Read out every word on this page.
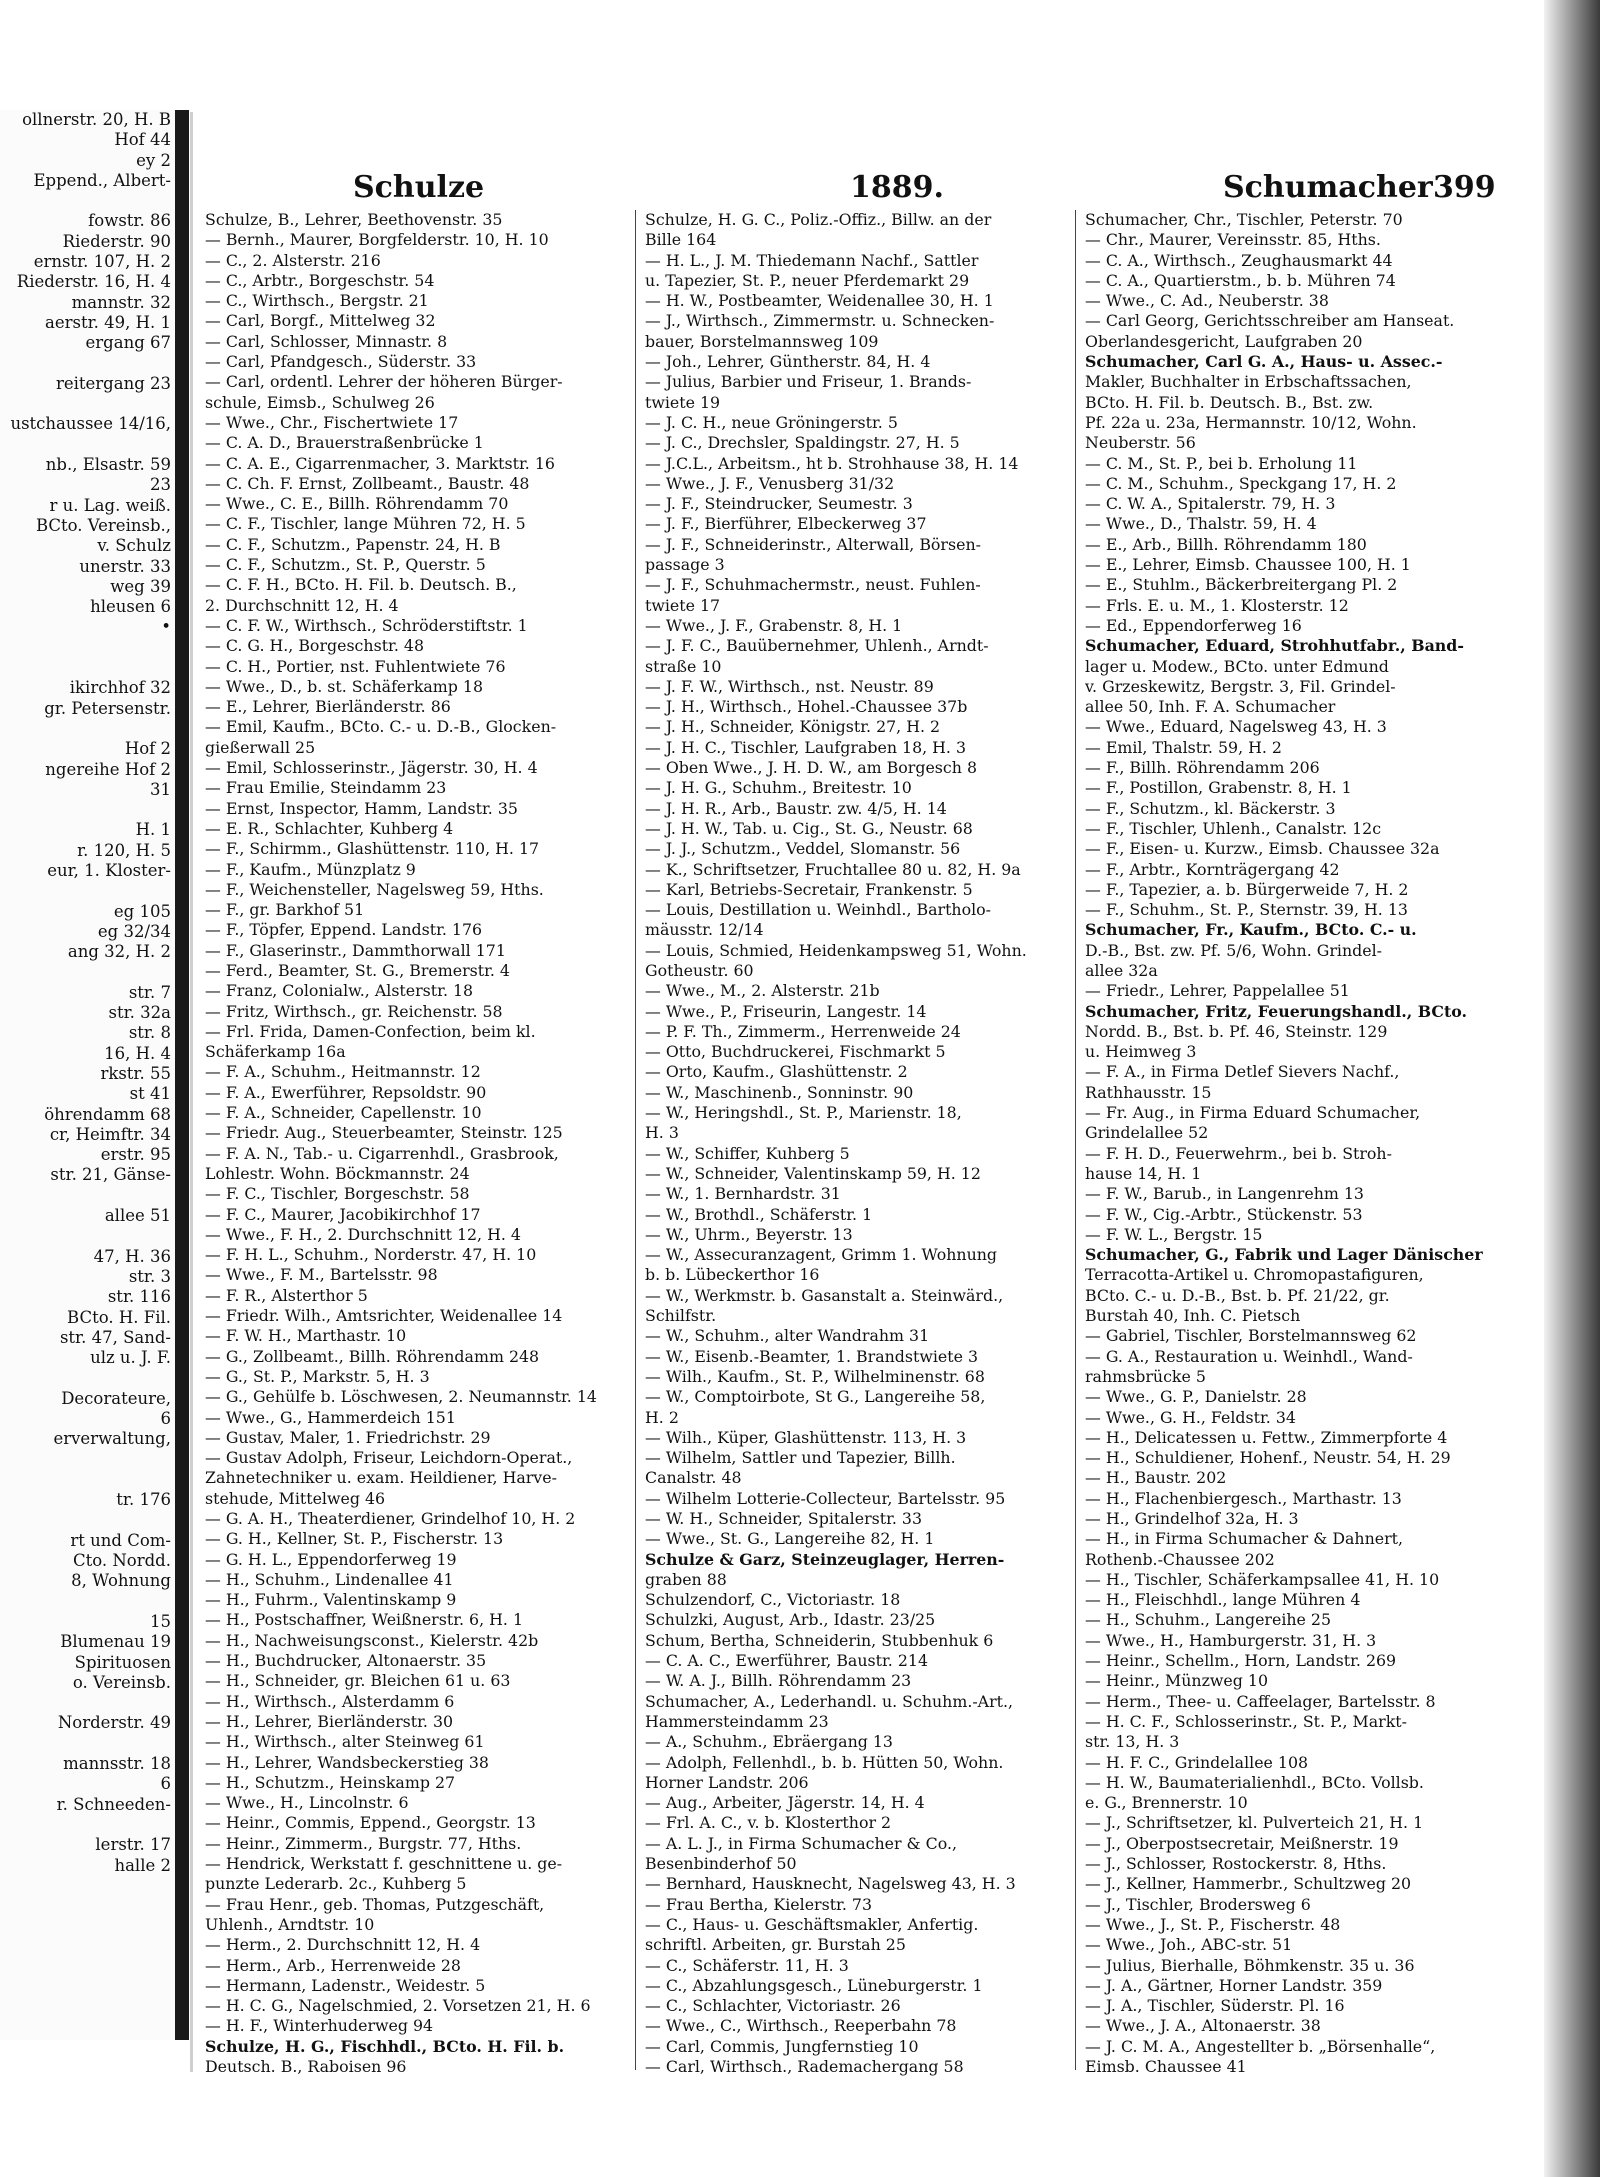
ollnerstr. 20, H. B
Hof 44
ey 2
Eppend., Albert-

fowstr. 86
Riederstr. 90
ernstr. 107, H. 2
Riederstr. 16, H. 4
mannstr. 32
aerstr. 49, H. 1
ergang 67

reitergang 23

ustchaussee 14/16,

nb., Elsastr. 59
23
r u. Lag. weiß.
BCto. Vereinsb.,
v. Schulz
unerstr. 33
weg 39
hleusen 6
•

ikirchhof 32
gr. Petersenstr.

Hof 2
ngereihe Hof 2
31

H. 1
r. 120, H. 5
eur, 1. Kloster-

eg 105
eg 32/34
ang 32, H. 2

str. 7
str. 32a
str. 8
16, H. 4
rkstr. 55
st 41
öhrendamm 68
cr, Heimftr. 34
erstr. 95
str. 21, Gänse-

allee 51

47, H. 36
str. 3
str. 116
BCto. H. Fil.
str. 47, Sand-
ulz u. J. F.

Decorateure,
6
erverwaltung,

tr. 176

rt und Com-
Cto. Nordd.
8, Wohnung

15
Blumenau 19
Spirituosen
o. Vereinsb.

Norderstr. 49

mannsstr. 18
6
r. Schneeden-

lerstr. 17
halle 2
Schulze	1889.	Schumacher 399
Schulze, B., Lehrer, Beethovenstr. 35
— Bernh., Maurer, Borgfelderstr. 10, H. 10
— C., 2. Alsterstr. 216
— C., Arbtr., Borgeschstr. 54
— C., Wirthsch., Bergstr. 21
— Carl, Borgf., Mittelweg 32
— Carl, Schlosser, Minnastr. 8
— Carl, Pfandgesch., Süderstr. 33
— Carl, ordentl. Lehrer der höheren Bürger-
schule, Eimsb., Schulweg 26
— Wwe., Chr., Fischertwiete 17
— C. A. D., Brauerstraßenbrücke 1
— C. A. E., Cigarrenmacher, 3. Marktstr. 16
— C. Ch. F. Ernst, Zollbeamt., Baustr. 48
— Wwe., C. E., Billh. Röhrendamm 70
— C. F., Tischler, lange Mühren 72, H. 5
— C. F., Schutzm., Papenstr. 24, H. B
— C. F., Schutzm., St. P., Querstr. 5
— C. F. H., BCto. H. Fil. b. Deutsch. B.,
2. Durchschnitt 12, H. 4
— C. F. W., Wirthsch., Schröderstiftstr. 1
— C. G. H., Borgeschstr. 48
— C. H., Portier, nst. Fuhlentwiete 76
— Wwe., D., b. st. Schäferkamp 18
— E., Lehrer, Bierländerstr. 86
— Emil, Kaufm., BCto. C.- u. D.-B., Glocken-
gießerwall 25
— Emil, Schlosserinstr., Jägerstr. 30, H. 4
— Frau Emilie, Steindamm 23
— Ernst, Inspector, Hamm, Landstr. 35
— E. R., Schlachter, Kuhberg 4
— F., Schirmm., Glashüttenstr. 110, H. 17
— F., Kaufm., Münzplatz 9
— F., Weichensteller, Nagelsweg 59, Hths.
— F., gr. Barkhof 51
— F., Töpfer, Eppend. Landstr. 176
— F., Glaserinstr., Dammthorwall 171
— Ferd., Beamter, St. G., Bremerstr. 4
— Franz, Colonialw., Alsterstr. 18
— Fritz, Wirthsch., gr. Reichenstr. 58
— Frl. Frida, Damen-Confection, beim kl.
Schäferkamp 16a
— F. A., Schuhm., Heitmannstr. 12
— F. A., Ewerführer, Repsoldstr. 90
— F. A., Schneider, Capellenstr. 10
— Friedr. Aug., Steuerbeamter, Steinstr. 125
— F. A. N., Tab.- u. Cigarrenhdl., Grasbrook,
Lohlestr. Wohn. Böckmannstr. 24
— F. C., Tischler, Borgeschstr. 58
— F. C., Maurer, Jacobikirchhof 17
— Wwe., F. H., 2. Durchschnitt 12, H. 4
— F. H. L., Schuhm., Norderstr. 47, H. 10
— Wwe., F. M., Bartelsstr. 98
— F. R., Alsterthor 5
— Friedr. Wilh., Amtsrichter, Weidenallee 14
— F. W. H., Marthastr. 10
— G., Zollbeamt., Billh. Röhrendamm 248
— G., St. P., Markstr. 5, H. 3
— G., Gehülfe b. Löschwesen, 2. Neumannstr. 14
— Wwe., G., Hammerdeich 151
— Gustav, Maler, 1. Friedrichstr. 29
— Gustav Adolph, Friseur, Leichdorn-Operat.,
Zahnetechniker u. exam. Heildiener, Harve-
stehude, Mittelweg 46
— G. A. H., Theaterdiener, Grindelhof 10, H. 2
— G. H., Kellner, St. P., Fischerstr. 13
— G. H. L., Eppendorferweg 19
— H., Schuhm., Lindenallee 41
— H., Fuhrm., Valentinskamp 9
— H., Postschaffner, Weißnerstr. 6, H. 1
— H., Nachweisungsconst., Kielerstr. 42b
— H., Buchdrucker, Altonaerstr. 35
— H., Schneider, gr. Bleichen 61 u. 63
— H., Wirthsch., Alsterdamm 6
— H., Lehrer, Bierländerstr. 30
— H., Wirthsch., alter Steinweg 61
— H., Lehrer, Wandsbeckerstieg 38
— H., Schutzm., Heinskamp 27
— Wwe., H., Lincolnstr. 6
— Heinr., Commis, Eppend., Georgstr. 13
— Heinr., Zimmerm., Burgstr. 77, Hths.
— Hendrick, Werkstatt f. geschnittene u. ge-
punzte Lederarb. 2c., Kuhberg 5
— Frau Henr., geb. Thomas, Putzgeschäft,
Uhlenh., Arndtstr. 10
— Herm., 2. Durchschnitt 12, H. 4
— Herm., Arb., Herrenweide 28
— Hermann, Ladenstr., Weidestr. 5
— H. C. G., Nagelschmied, 2. Vorsetzen 21, H. 6
— H. F., Winterhuderweg 94
Schulze, H. G., Fischhdl., BCto. H. Fil. b.
Deutsch. B., Raboisen 96
Schulze, H. G. C., Poliz.-Offiz., Billw. an der
Bille 164
— H. L., J. M. Thiedemann Nachf., Sattler
u. Tapezier, St. P., neuer Pferdemarkt 29
— H. W., Postbeamter, Weidenallee 30, H. 1
— J., Wirthsch., Zimmermstr. u. Schnecken-
bauer, Borstelmannsweg 109
— Joh., Lehrer, Güntherstr. 84, H. 4
— Julius, Barbier und Friseur, 1. Brands-
twiete 19
— J. C. H., neue Gröningerstr. 5
— J. C., Drechsler, Spaldingstr. 27, H. 5
— J.C.L., Arbeitsm., ht b. Strohhause 38, H. 14
— Wwe., J. F., Venusberg 31/32
— J. F., Steindrucker, Seumestr. 3
— J. F., Bierführer, Elbeckerweg 37
— J. F., Schneiderinstr., Alterwall, Börsen-
passage 3
— J. F., Schuhmachermstr., neust. Fuhlen-
twiete 17
— Wwe., J. F., Grabenstr. 8, H. 1
— J. F. C., Bauübernehmer, Uhlenh., Arndt-
straße 10
— J. F. W., Wirthsch., nst. Neustr. 89
— J. H., Wirthsch., Hohel.-Chaussee 37b
— J. H., Schneider, Königstr. 27, H. 2
— J. H. C., Tischler, Laufgraben 18, H. 3
— Oben Wwe., J. H. D. W., am Borgesch 8
— J. H. G., Schuhm., Breitestr. 10
— J. H. R., Arb., Baustr. zw. 4/5, H. 14
— J. H. W., Tab. u. Cig., St. G., Neustr. 68
— J. J., Schutzm., Veddel, Slomanstr. 56
— K., Schriftsetzer, Fruchtallee 80 u. 82, H. 9a
— Karl, Betriebs-Secretair, Frankenstr. 5
— Louis, Destillation u. Weinhdl., Bartholo-
mäusstr. 12/14
— Louis, Schmied, Heidenkampsweg 51, Wohn.
Gotheustr. 60
— Wwe., M., 2. Alsterstr. 21b
— Wwe., P., Friseurin, Langestr. 14
— P. F. Th., Zimmerm., Herrenweide 24
— Otto, Buchdruckerei, Fischmarkt 5
— Orto, Kaufm., Glashüttenstr. 2
— W., Maschinenb., Sonninstr. 90
— W., Heringshdl., St. P., Marienstr. 18,
H. 3
— W., Schiffer, Kuhberg 5
— W., Schneider, Valentinskamp 59, H. 12
— W., 1. Bernhardstr. 31
— W., Brothdl., Schäferstr. 1
— W., Uhrm., Beyerstr. 13
— W., Assecuranzagent, Grimm 1. Wohnung
b. b. Lübeckerthor 16
— W., Werkmstr. b. Gasanstalt a. Steinwärd.,
Schilfstr.
— W., Schuhm., alter Wandrahm 31
— W., Eisenb.-Beamter, 1. Brandstwiete 3
— Wilh., Kaufm., St. P., Wilhelminenstr. 68
— W., Comptoirbote, St G., Langereihe 58,
H. 2
— Wilh., Küper, Glashüttenstr. 113, H. 3
— Wilhelm, Sattler und Tapezier, Billh.
Canalstr. 48
— Wilhelm Lotterie-Collecteur, Bartelsstr. 95
— W. H., Schneider, Spitalerstr. 33
— Wwe., St. G., Langereihe 82, H. 1
Schulze & Garz, Steinzeuglager, Herren-
graben 88
Schulzendorf, C., Victoriastr. 18
Schulzki, August, Arb., Idastr. 23/25
Schum, Bertha, Schneiderin, Stubbenhuk 6
— C. A. C., Ewerführer, Baustr. 214
— W. A. J., Billh. Röhrendamm 23
Schumacher, A., Lederhandl. u. Schuhm.-Art.,
Hammersteindamm 23
— A., Schuhm., Ebräergang 13
— Adolph, Fellenhdl., b. b. Hütten 50, Wohn.
Horner Landstr. 206
— Aug., Arbeiter, Jägerstr. 14, H. 4
— Frl. A. C., v. b. Klosterthor 2
— A. L. J., in Firma Schumacher & Co.,
Besenbinderhof 50
— Bernhard, Hausknecht, Nagelsweg 43, H. 3
— Frau Bertha, Kielerstr. 73
— C., Haus- u. Geschäftsmakler, Anfertig.
schriftl. Arbeiten, gr. Burstah 25
— C., Schäferstr. 11, H. 3
— C., Abzahlungsgesch., Lüneburgerstr. 1
— C., Schlachter, Victoriastr. 26
— Wwe., C., Wirthsch., Reeperbahn 78
— Carl, Commis, Jungfernstieg 10
— Carl, Wirthsch., Rademachergang 58
Schumacher, Chr., Tischler, Peterstr. 70
— Chr., Maurer, Vereinsstr. 85, Hths.
— C. A., Wirthsch., Zeughausmarkt 44
— C. A., Quartierstm., b. b. Mühren 74
— Wwe., C. Ad., Neuberstr. 38
— Carl Georg, Gerichtsschreiber am Hanseat.
Oberlandesgericht, Laufgraben 20
Schumacher, Carl G. A., Haus- u. Assec.-
Makler, Buchhalter in Erbschaftssachen,
BCto. H. Fil. b. Deutsch. B., Bst. zw.
Pf. 22a u. 23a, Hermannstr. 10/12, Wohn.
Neuberstr. 56
— C. M., St. P., bei b. Erholung 11
— C. M., Schuhm., Speckgang 17, H. 2
— C. W. A., Spitalerstr. 79, H. 3
— Wwe., D., Thalstr. 59, H. 4
— E., Arb., Billh. Röhrendamm 180
— E., Lehrer, Eimsb. Chaussee 100, H. 1
— E., Stuhlm., Bäckerbreitergang Pl. 2
— Frls. E. u. M., 1. Klosterstr. 12
— Ed., Eppendorferweg 16
Schumacher, Eduard, Strohhutfabr., Band-
lager u. Modew., BCto. unter Edmund
v. Grzeskewitz, Bergstr. 3, Fil. Grindel-
allee 50, Inh. F. A. Schumacher
— Wwe., Eduard, Nagelsweg 43, H. 3
— Emil, Thalstr. 59, H. 2
— F., Billh. Röhrendamm 206
— F., Postillon, Grabenstr. 8, H. 1
— F., Schutzm., kl. Bäckerstr. 3
— F., Tischler, Uhlenh., Canalstr. 12c
— F., Eisen- u. Kurzw., Eimsb. Chaussee 32a
— F., Arbtr., Kornträgergang 42
— F., Tapezier, a. b. Bürgerweide 7, H. 2
— F., Schuhm., St. P., Sternstr. 39, H. 13
Schumacher, Fr., Kaufm., BCto. C.- u.
D.-B., Bst. zw. Pf. 5/6, Wohn. Grindel-
allee 32a
— Friedr., Lehrer, Pappelallee 51
Schumacher, Fritz, Feuerungshandl., BCto.
Nordd. B., Bst. b. Pf. 46, Steinstr. 129
u. Heimweg 3
— F. A., in Firma Detlef Sievers Nachf.,
Rathhausstr. 15
— Fr. Aug., in Firma Eduard Schumacher,
Grindelallee 52
— F. H. D., Feuerwehrm., bei b. Stroh-
hause 14, H. 1
— F. W., Barub., in Langenrehm 13
— F. W., Cig.-Arbtr., Stückenstr. 53
— F. W. L., Bergstr. 15
Schumacher, G., Fabrik und Lager Dänischer
Terracotta-Artikel u. Chromopastafiguren,
BCto. C.- u. D.-B., Bst. b. Pf. 21/22, gr.
Burstah 40, Inh. C. Pietsch
— Gabriel, Tischler, Borstelmannsweg 62
— G. A., Restauration u. Weinhdl., Wand-
rahmsbrücke 5
— Wwe., G. P., Danielstr. 28
— Wwe., G. H., Feldstr. 34
— H., Delicatessen u. Fettw., Zimmerpforte 4
— H., Schuldiener, Hohenf., Neustr. 54, H. 29
— H., Baustr. 202
— H., Flachenbiergesch., Marthastr. 13
— H., Grindelhof 32a, H. 3
— H., in Firma Schumacher & Dahnert,
Rothenb.-Chaussee 202
— H., Tischler, Schäferkampsallee 41, H. 10
— H., Fleischhdl., lange Mühren 4
— H., Schuhm., Langereihe 25
— Wwe., H., Hamburgerstr. 31, H. 3
— Heinr., Schellm., Horn, Landstr. 269
— Heinr., Münzweg 10
— Herm., Thee- u. Caffeelager, Bartelsstr. 8
— H. C. F., Schlosserinstr., St. P., Markt-
str. 13, H. 3
— H. F. C., Grindelallee 108
— H. W., Baumaterialienhdl., BCto. Vollsb.
e. G., Brennerstr. 10
— J., Schriftsetzer, kl. Pulverteich 21, H. 1
— J., Oberpostsecretair, Meißnerstr. 19
— J., Schlosser, Rostockerstr. 8, Hths.
— J., Kellner, Hammerbr., Schultzweg 20
— J., Tischler, Brodersweg 6
— Wwe., J., St. P., Fischerstr. 48
— Wwe., Joh., ABC-str. 51
— Julius, Bierhalle, Böhmkenstr. 35 u. 36
— J. A., Gärtner, Horner Landstr. 359
— J. A., Tischler, Süderstr. Pl. 16
— Wwe., J. A., Altonaerstr. 38
— J. C. M. A., Angestellter b. „Börsenhalle“,
Eimsb. Chaussee 41
